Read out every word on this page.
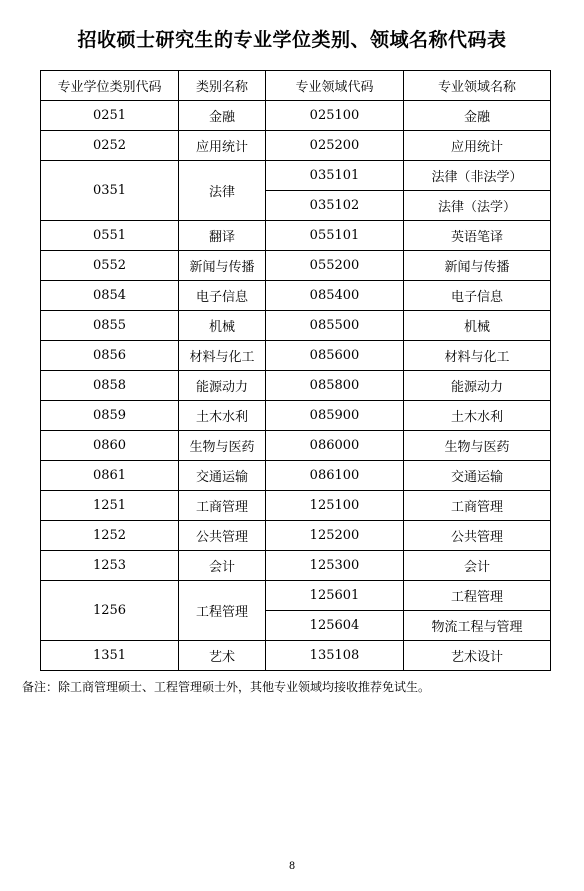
招收硕士研究生的专业学位类别、领域名称代码表
专业学位类别代码	类别名称	专业领域代码	专业领域名称
0251	金融	025100	金融
0252	应用统计	025200	应用统计
0351	法律	035101	法律（非法学）
		035102	法律（法学）
0551	翻译	055101	英语笔译
0552	新闻与传播	055200	新闻与传播
0854	电子信息	085400	电子信息
0855	机械	085500	机械
0856	材料与化工	085600	材料与化工
0858	能源动力	085800	能源动力
0859	土木水利	085900	土木水利
0860	生物与医药	086000	生物与医药
0861	交通运输	086100	交通运输
1251	工商管理	125100	工商管理
1252	公共管理	125200	公共管理
1253	会计	125300	会计
1256	工程管理	125601	工程管理
		125604	物流工程与管理
1351	艺术	135108	艺术设计
备注：除工商管理硕士、工程管理硕士外，其他专业领域均接收推荐免试生。
8
